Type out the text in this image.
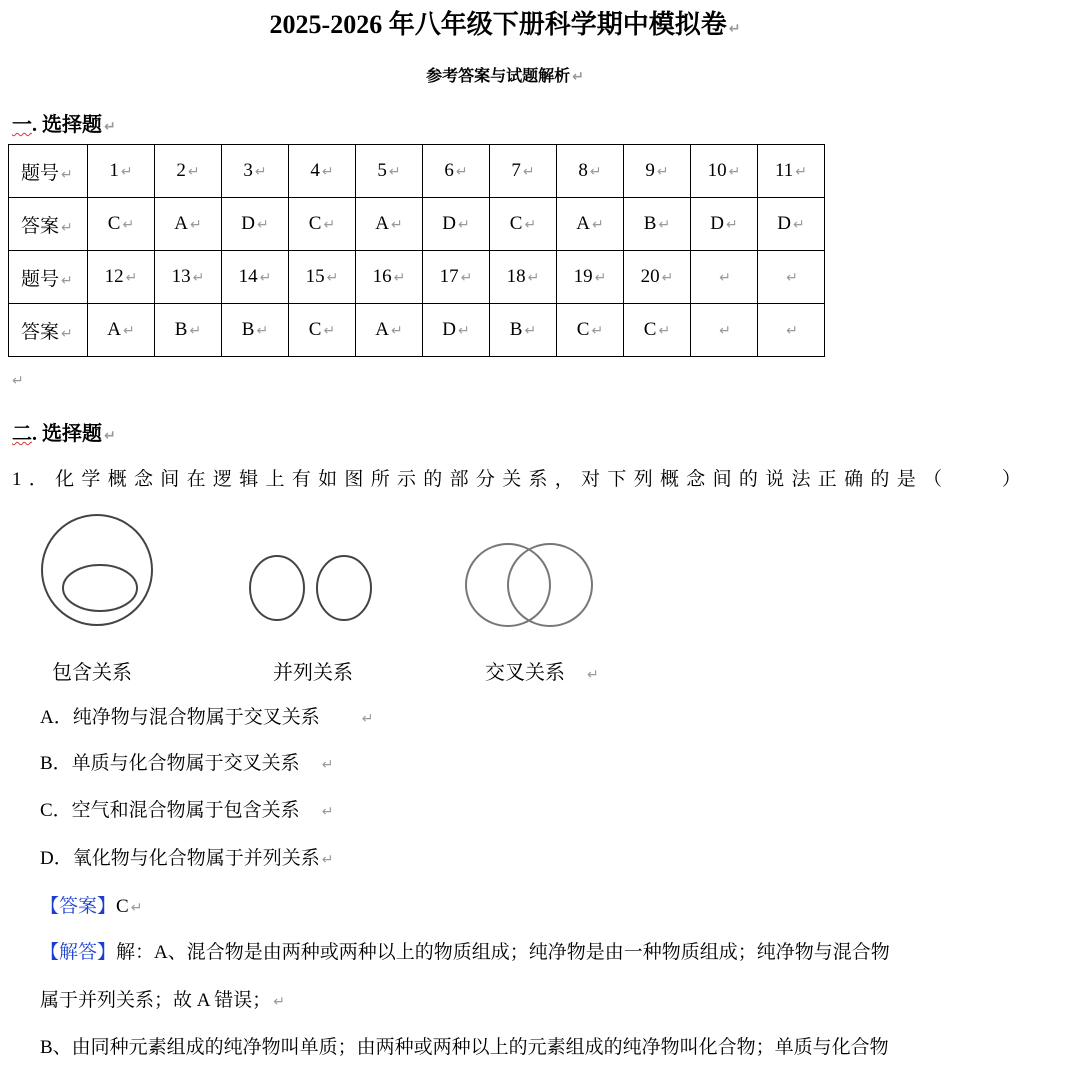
2025-2026 年八年级下册科学期中模拟卷 ↵
参考答案与试题解析 ↵
一. 选择题 ↵
题号 ↵	1 ↵	2 ↵	3 ↵	4 ↵	5 ↵	6 ↵	7 ↵	8 ↵	9 ↵	10 ↵	11 ↵
答案 ↵	C ↵	A ↵	D ↵	C ↵	A ↵	D ↵	C ↵	A ↵	B ↵	D ↵	D ↵
题号 ↵	12 ↵	13 ↵	14 ↵	15 ↵	16 ↵	17 ↵	18 ↵	19 ↵	20 ↵	↵	↵
答案 ↵	A ↵	B ↵	B ↵	C ↵	A ↵	D ↵	B ↵	C ↵	C ↵	↵	↵
↵
二. 选择题 ↵
1．化学概念间在逻辑上有如图所示的部分关系，对下列概念间的说法正确的是（　　）
包含关系	并列关系	交叉关系 ↵
A．纯净物与混合物属于交叉关系	↵
B．单质与化合物属于交叉关系 ↵
C．空气和混合物属于包含关系 ↵
D．氧化物与化合物属于并列关系 ↵
【答案】C ↵
【解答】解：A、混合物是由两种或两种以上的物质组成；纯净物是由一种物质组成；纯净物与混合物
属于并列关系；故 A 错误； ↵
B、由同种元素组成的纯净物叫单质；由两种或两种以上的元素组成的纯净物叫化合物；单质与化合物
